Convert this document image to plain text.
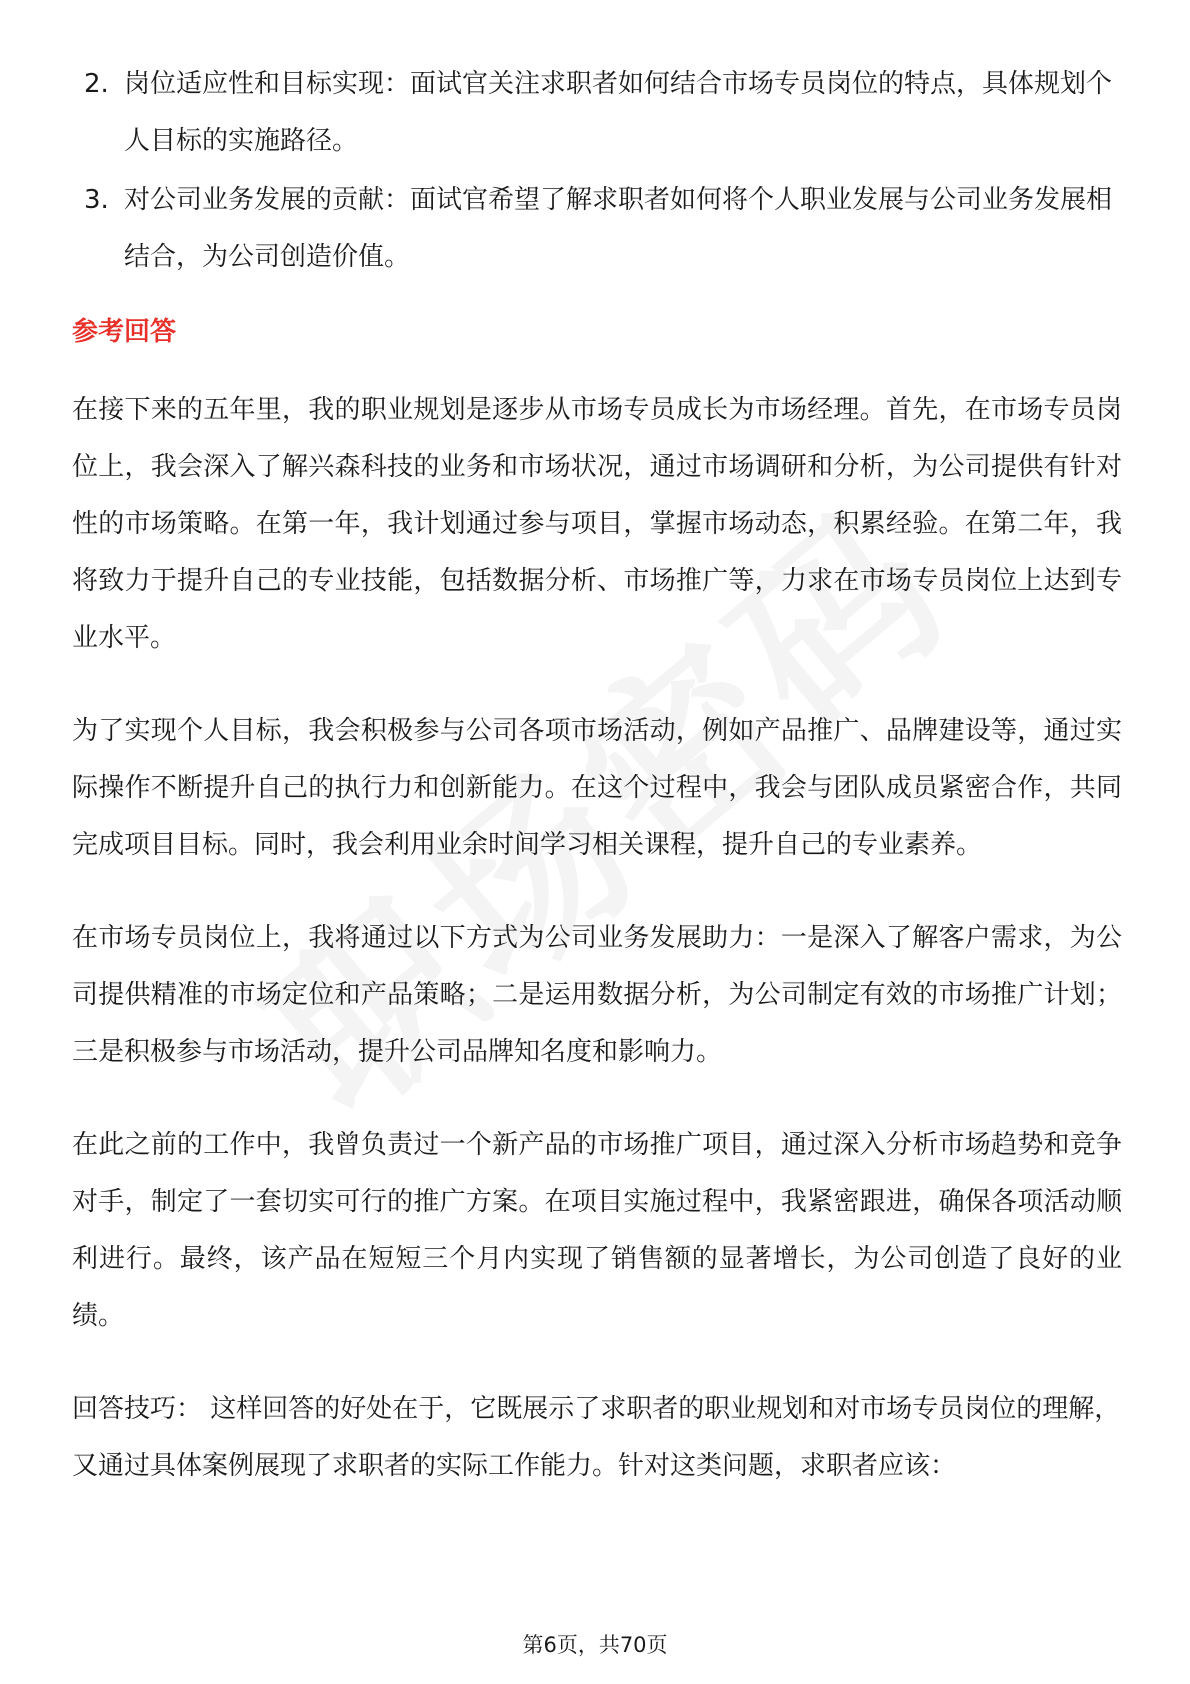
2. 岗位适应性和目标实现：面试官关注求职者如何结合市场专员岗位的特点，具体规划个人目标的实施路径。
3. 对公司业务发展的贡献：面试官希望了解求职者如何将个人职业发展与公司业务发展相结合，为公司创造价值。
参考回答

在接下来的五年里，我的职业规划是逐步从市场专员成长为市场经理。首先，在市场专员岗位上，我会深入了解兴森科技的业务和市场状况，通过市场调研和分析，为公司提供有针对性的市场策略。在第一年，我计划通过参与项目，掌握市场动态，积累经验。在第二年，我将致力于提升自己的专业技能，包括数据分析、市场推广等，力求在市场专员岗位上达到专业水平。

为了实现个人目标，我会积极参与公司各项市场活动，例如产品推广、品牌建设等，通过实际操作不断提升自己的执行力和创新能力。在这个过程中，我会与团队成员紧密合作，共同完成项目目标。同时，我会利用业余时间学习相关课程，提升自己的专业素养。

在市场专员岗位上，我将通过以下方式为公司业务发展助力：一是深入了解客户需求，为公司提供精准的市场定位和产品策略；二是运用数据分析，为公司制定有效的市场推广计划；三是积极参与市场活动，提升公司品牌知名度和影响力。

在此之前的工作中，我曾负责过一个新产品的市场推广项目，通过深入分析市场趋势和竞争对手，制定了一套切实可行的推广方案。在项目实施过程中，我紧密跟进，确保各项活动顺利进行。最终，该产品在短短三个月内实现了销售额的显著增长，为公司创造了良好的业绩。

回答技巧： 这样回答的好处在于，它既展示了求职者的职业规划和对市场专员岗位的理解，又通过具体案例展现了求职者的实际工作能力。针对这类问题，求职者应该：

第6页，共70页
